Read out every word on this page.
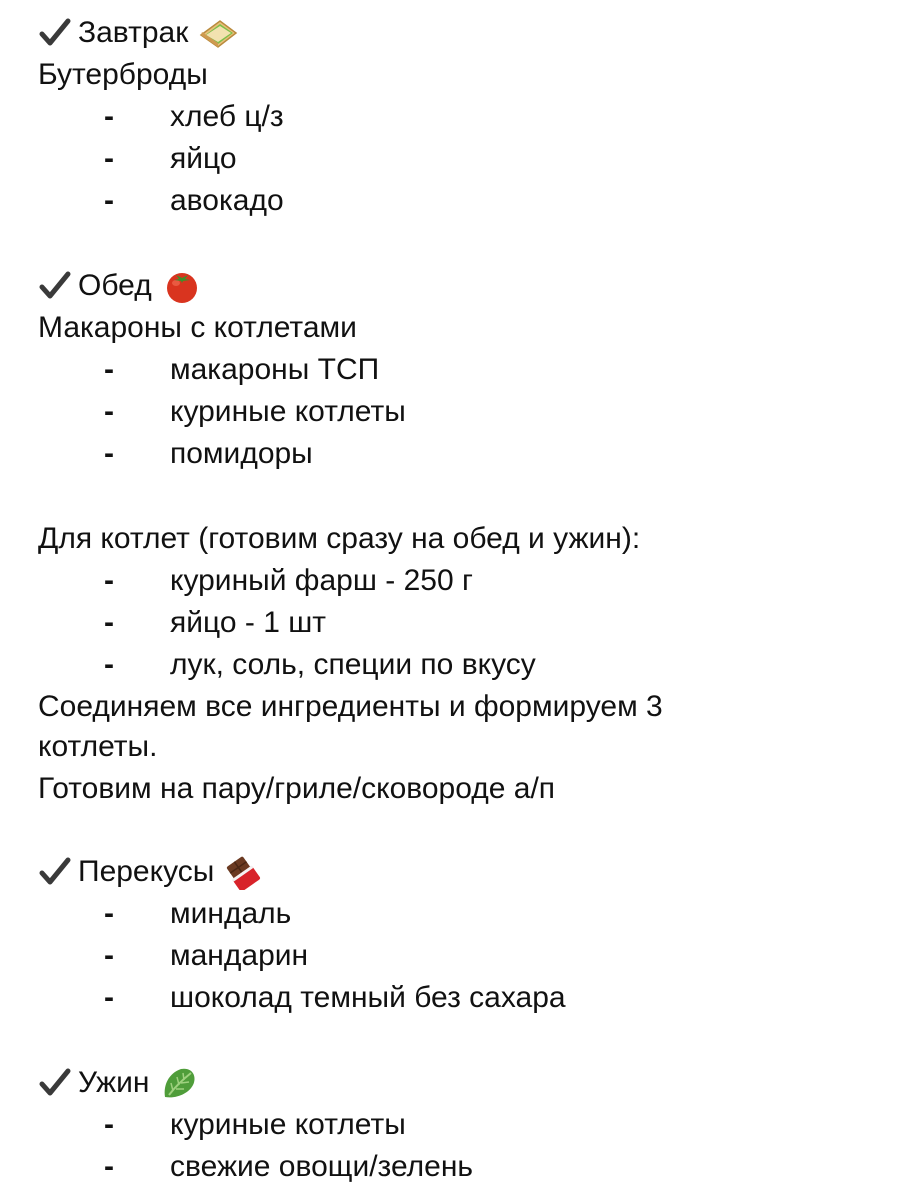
Завтрак
Бутерброды
- хлеб ц/з
- яйцо
- авокадо
Обед
Макароны с котлетами
- макароны ТСП
- куриные котлеты
- помидоры
Для котлет (готовим сразу на обед и ужин):
- куриный фарш - 250 г
- яйцо - 1 шт
- лук, соль, специи по вкусу
Соединяем все ингредиенты и формируем 3
котлеты.
Готовим на пару/гриле/сковороде а/п
Перекусы
- миндаль
- мандарин
- шоколад темный без сахара
Ужин
- куриные котлеты
- свежие овощи/зелень
